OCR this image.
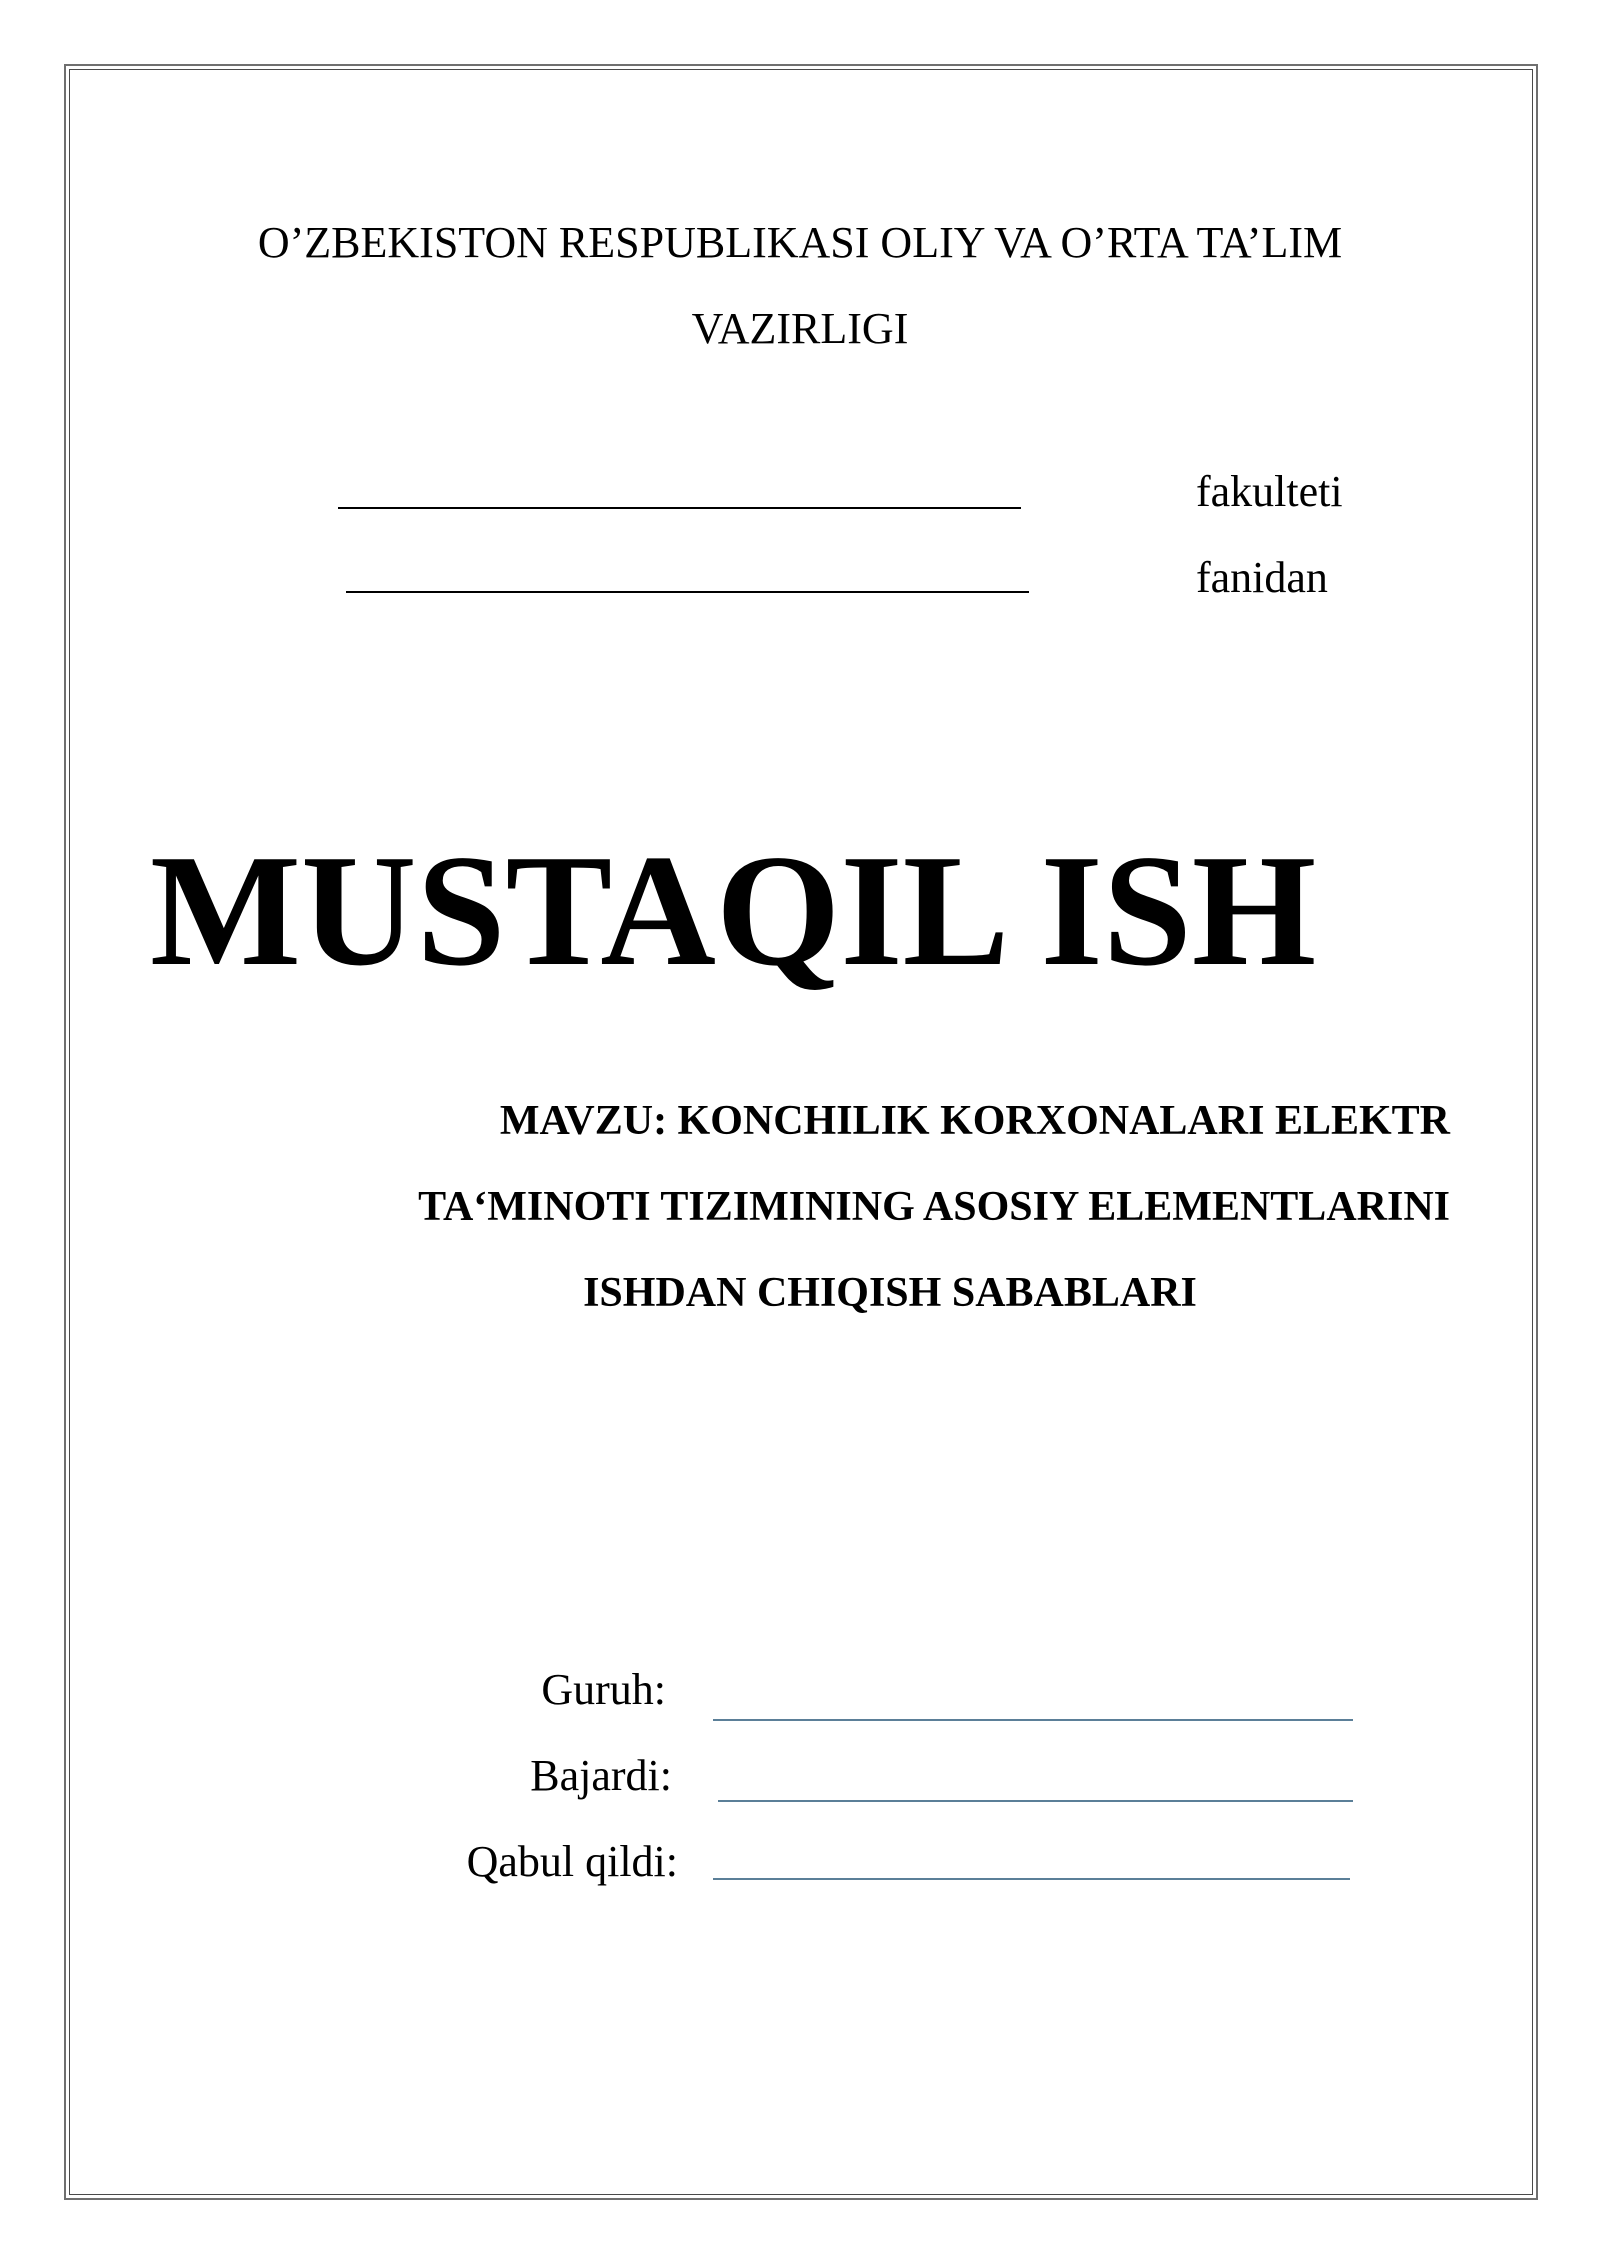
O’ZBEKISTON RESPUBLIKASI OLIY VA O’RTA TA’LIM
VAZIRLIGI
fakulteti
fanidan
MUSTAQIL ISH
MAVZU: KONCHILIK KORXONALARI ELEKTR
TA‘MINOTI TIZIMINING ASOSIY ELEMENTLARINI
ISHDAN CHIQISH SABABLARI
Guruh:
Bajardi:
Qabul qildi:
